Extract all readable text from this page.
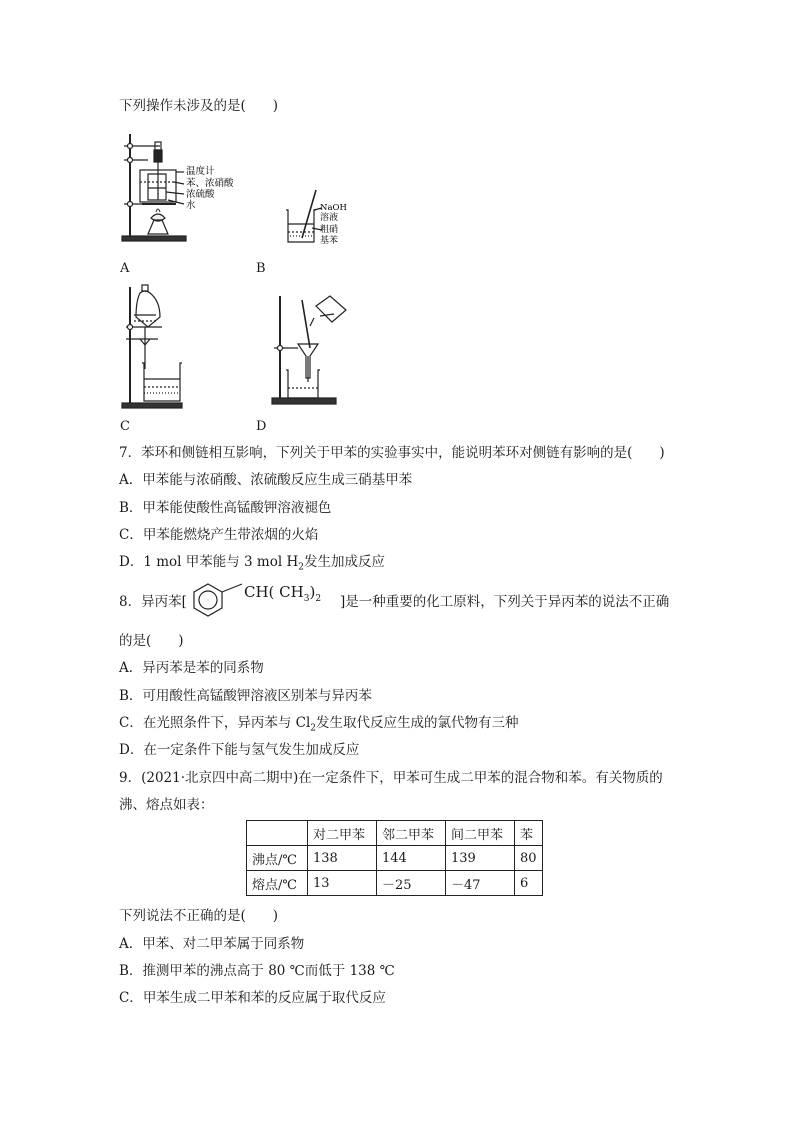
下列操作未涉及的是(　　)
温度计
苯、浓硝酸
浓硫酸
水
A
NaOH
溶液
粗硝
基苯
B
C	D
7．苯环和侧链相互影响，下列关于甲苯的实验事实中，能说明苯环对侧链有影响的是(　　)
A．甲苯能与浓硝酸、浓硫酸反应生成三硝基甲苯
B．甲苯能使酸性高锰酸钾溶液褪色
C．甲苯能燃烧产生带浓烟的火焰
D．1 mol 甲苯能与 3 mol $H_2$发生加成反应
8．异丙苯[
CH( $CH_3)_2$ ]是一种重要的化工原料，下列关于异丙苯的说法不正确
的是(　　)
A．异丙苯是苯的同系物
B．可用酸性高锰酸钾溶液区别苯与异丙苯
C．在光照条件下，异丙苯与 $Cl_2$发生取代反应生成的氯代物有三种
D．在一定条件下能与氢气发生加成反应
9．(2021·北京四中高二期中)在一定条件下，甲苯可生成二甲苯的混合物和苯。有关物质的
沸、熔点如表：
	对二甲苯	邻二甲苯	间二甲苯	苯
沸点/℃	138	144	139	80
熔点/℃	13	－25	－47	6
下列说法不正确的是(　　)
A．甲苯、对二甲苯属于同系物
B．推测甲苯的沸点高于 80 ℃而低于 138 ℃
C．甲苯生成二甲苯和苯的反应属于取代反应
